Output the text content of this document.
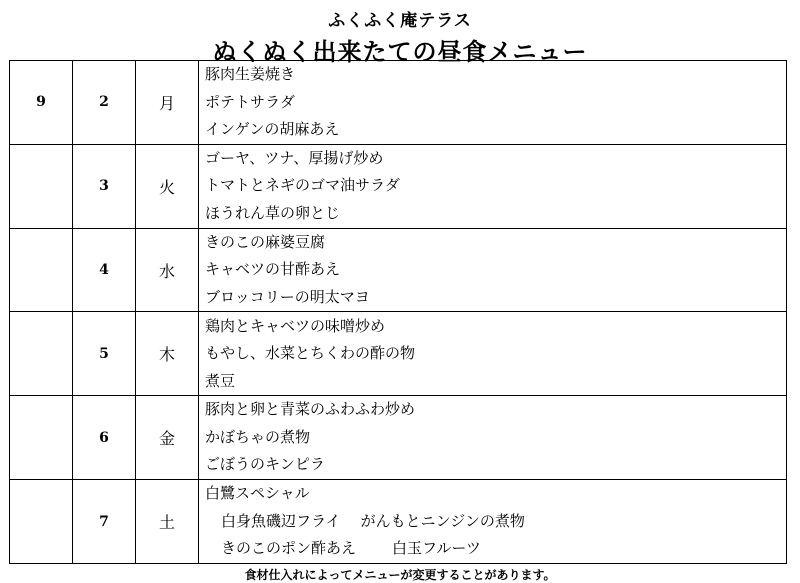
ふくふく庵テラス
ぬくぬく出来たての昼食メニュー
9	2	月	豚肉生姜焼き
ポテトサラダ
インゲンの胡麻あえ

	3	火	ゴーヤ、ツナ、厚揚げ炒め
トマトとネギのゴマ油サラダ
ほうれん草の卵とじ

	4	水	きのこの麻婆豆腐
キャベツの甘酢あえ
ブロッコリーの明太マヨ

	5	木	鶏肉とキャベツの味噌炒め
もやし、水菜とちくわの酢の物
煮豆

	6	金	豚肉と卵と青菜のふわふわ炒め
かぼちゃの煮物
ごぼうのキンピラ

	7	土	白鷺スペシャル
白身魚磯辺フライ がんもとニンジンの煮物
きのこのポン酢あえ 白玉フルーツ
食材仕入れによってメニューが変更することがあります。
